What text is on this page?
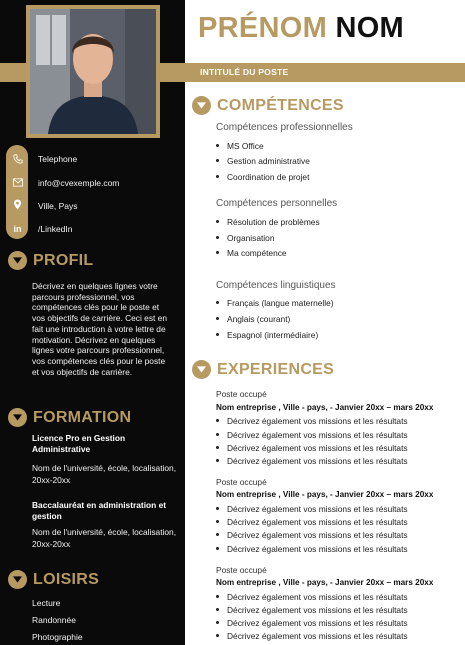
in
Telephone
info@cvexemple.com
Ville, Pays
/LinkedIn
PROFIL
Décrivez en quelques lignes votre parcours professionnel, vos compétences clés pour le poste et vos objectifs de carrière. Ceci est en fait une introduction à votre lettre de motivation. Décrivez en quelques lignes votre parcours professionnel, vos compétences clés pour le poste et vos objectifs de carrière.
FORMATION
Licence Pro en Gestion Administrative
Nom de l'université, école, localisation, 20xx-20xx
Baccalauréat en administration et gestion
Nom de l'université, école, localisation, 20xx-20xx
LOISIRS
Lecture
Randonnée
Photographie
PRÉNOM NOM
INTITULÉ DU POSTE
COMPÉTENCES
Compétences professionnelles
MS Office
Gestion administrative
Coordination de projet
Compétences personnelles
Résolution de problèmes
Organisation
Ma compétence
Compétences linguistiques
Français (langue maternelle)
Anglais (courant)
Espagnol (intermédiaire)
EXPERIENCES
Poste occupé
Nom entreprise , Ville - pays, - Janvier 20xx – mars 20xx
Décrivez également vos missions et les résultats
Décrivez également vos missions et les résultats
Décrivez également vos missions et les résultats
Décrivez également vos missions et les résultats
Poste occupé
Nom entreprise , Ville - pays, - Janvier 20xx – mars 20xx
Décrivez également vos missions et les résultats
Décrivez également vos missions et les résultats
Décrivez également vos missions et les résultats
Décrivez également vos missions et les résultats
Poste occupé
Nom entreprise , Ville - pays, - Janvier 20xx – mars 20xx
Décrivez également vos missions et les résultats
Décrivez également vos missions et les résultats
Décrivez également vos missions et les résultats
Décrivez également vos missions et les résultats
